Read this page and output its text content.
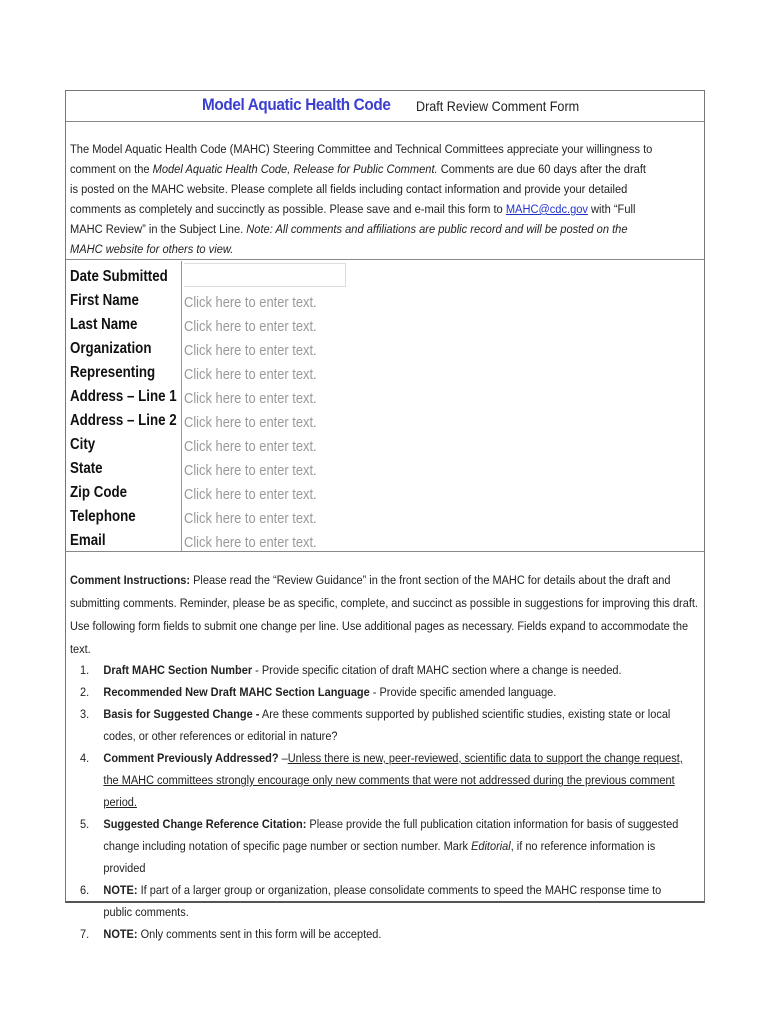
Model Aquatic Health Code Draft Review Comment Form
The Model Aquatic Health Code (MAHC) Steering Committee and Technical Committees appreciate your willingness to comment on the Model Aquatic Health Code, Release for Public Comment. Comments are due 60 days after the draft is posted on the MAHC website. Please complete all fields including contact information and provide your detailed comments as completely and succinctly as possible. Please save and e-mail this form to MAHC@cdc.gov with “Full MAHC Review” in the Subject Line. Note: All comments and affiliations are public record and will be posted on the MAHC website for others to view.
Date Submitted
First Name	Click here to enter text.
Last Name	Click here to enter text.
Organization Click here to enter text.
Representing Click here to enter text.
Address – Line 1 Click here to enter text.
Address – Line 2 Click here to enter text.
City	Click here to enter text.
State	Click here to enter text.
Zip Code	Click here to enter text.
Telephone	Click here to enter text.
Email	Click here to enter text.
Comment Instructions: Please read the “Review Guidance” in the front section of the MAHC for details about the draft and submitting comments. Reminder, please be as specific, complete, and succinct as possible in suggestions for improving this draft. Use following form fields to submit one change per line. Use additional pages as necessary. Fields expand to accommodate the text.
1. Draft MAHC Section Number - Provide specific citation of draft MAHC section where a change is needed.
2. Recommended New Draft MAHC Section Language - Provide specific amended language.
3. Basis for Suggested Change - Are these comments supported by published scientific studies, existing state or local codes, or other references or editorial in nature?
4. Comment Previously Addressed? –Unless there is new, peer-reviewed, scientific data to support the change request, the MAHC committees strongly encourage only new comments that were not addressed during the previous comment period.
5. Suggested Change Reference Citation: Please provide the full publication citation information for basis of suggested change including notation of specific page number or section number. Mark Editorial, if no reference information is provided
6. NOTE: If part of a larger group or organization, please consolidate comments to speed the MAHC response time to public comments.
7. NOTE: Only comments sent in this form will be accepted.
